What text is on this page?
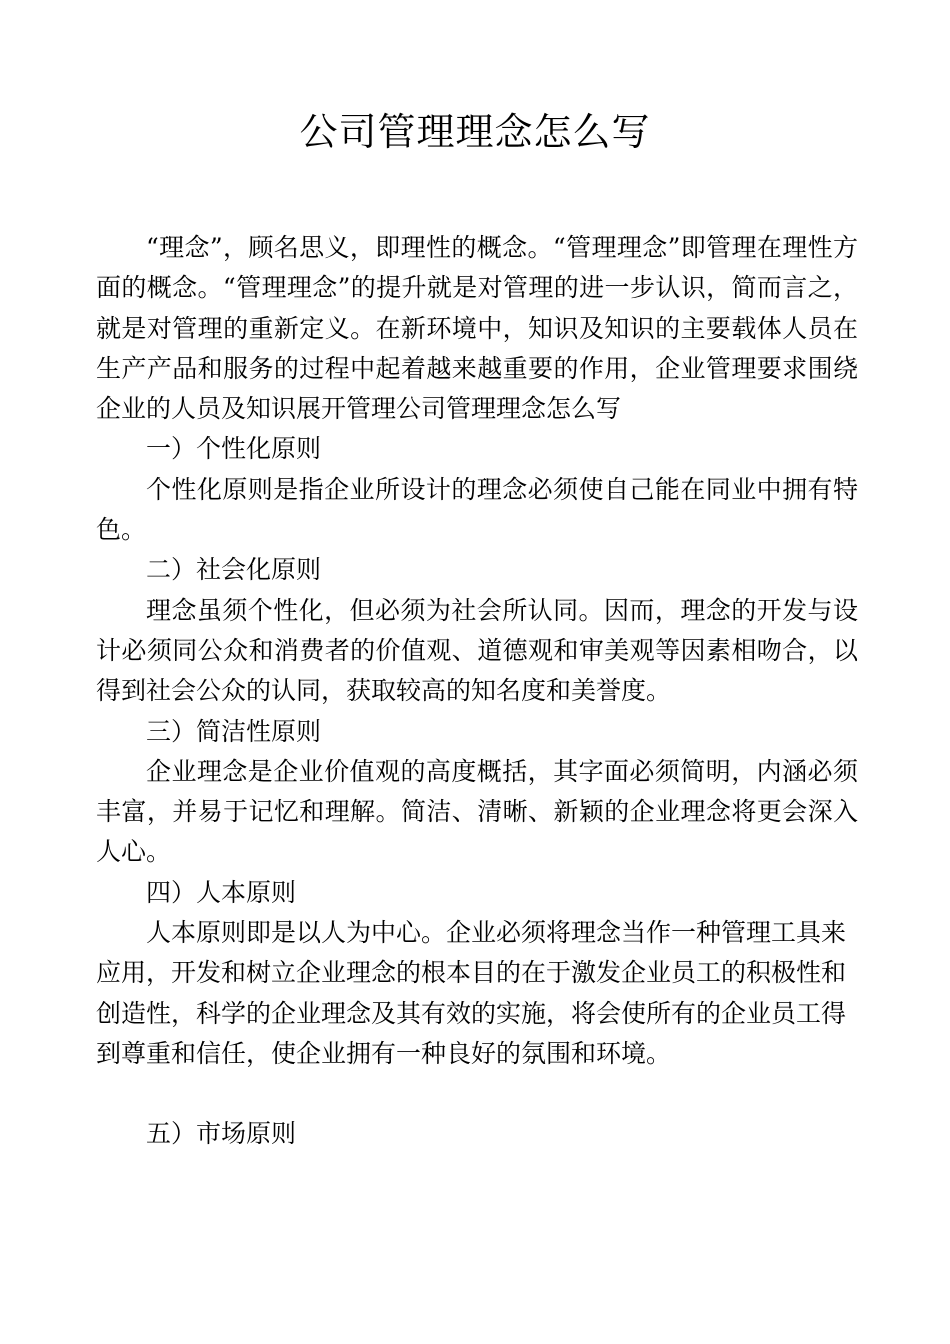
公司管理理念怎么写

“理念”，顾名思义，即理性的概念。“管理理念”即管理在理性方面的概念。“管理理念”的提升就是对管理的进一步认识，简而言之，就是对管理的重新定义。在新环境中，知识及知识的主要载体人员在生产产品和服务的过程中起着越来越重要的作用，企业管理要求围绕企业的人员及知识展开管理公司管理理念怎么写

一）个性化原则

个性化原则是指企业所设计的理念必须使自己能在同业中拥有特色。

二）社会化原则

理念虽须个性化，但必须为社会所认同。因而，理念的开发与设计必须同公众和消费者的价值观、道德观和审美观等因素相吻合，以得到社会公众的认同，获取较高的知名度和美誉度。

三）简洁性原则

企业理念是企业价值观的高度概括，其字面必须简明，内涵必须丰富，并易于记忆和理解。简洁、清晰、新颖的企业理念将更会深入人心。

四）人本原则

人本原则即是以人为中心。企业必须将理念当作一种管理工具来应用，开发和树立企业理念的根本目的在于激发企业员工的积极性和创造性，科学的企业理念及其有效的实施，将会使所有的企业员工得到尊重和信任，使企业拥有一种良好的氛围和环境。

五）市场原则
